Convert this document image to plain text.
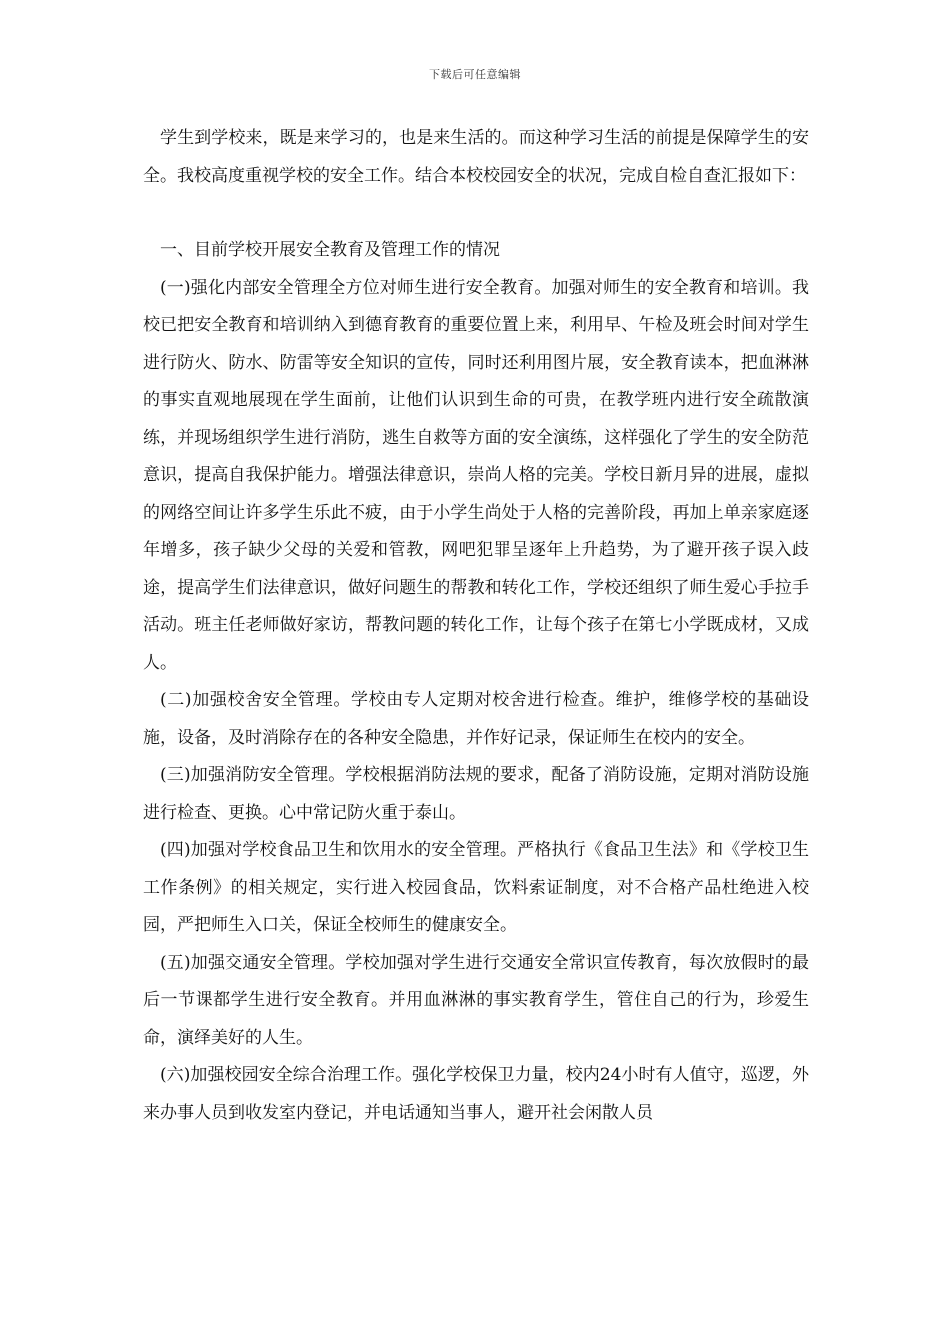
下载后可任意编辑

学生到学校来，既是来学习的，也是来生活的。而这种学习生活的前提是保障学生的安全。我校高度重视学校的安全工作。结合本校校园安全的状况，完成自检自查汇报如下：

一、目前学校开展安全教育及管理工作的情况

(一)强化内部安全管理全方位对师生进行安全教育。加强对师生的安全教育和培训。我校已把安全教育和培训纳入到德育教育的重要位置上来，利用早、午检及班会时间对学生进行防火、防水、防雷等安全知识的宣传，同时还利用图片展，安全教育读本，把血淋淋的事实直观地展现在学生面前，让他们认识到生命的可贵，在教学班内进行安全疏散演练，并现场组织学生进行消防，逃生自救等方面的安全演练，这样强化了学生的安全防范意识，提高自我保护能力。增强法律意识，崇尚人格的完美。学校日新月异的进展，虚拟的网络空间让许多学生乐此不疲，由于小学生尚处于人格的完善阶段，再加上单亲家庭逐年增多，孩子缺少父母的关爱和管教，网吧犯罪呈逐年上升趋势，为了避开孩子误入歧途，提高学生们法律意识，做好问题生的帮教和转化工作，学校还组织了师生爱心手拉手活动。班主任老师做好家访，帮教问题的转化工作，让每个孩子在第七小学既成材，又成人。

(二)加强校舍安全管理。学校由专人定期对校舍进行检查。维护，维修学校的基础设施，设备，及时消除存在的各种安全隐患，并作好记录，保证师生在校内的安全。

(三)加强消防安全管理。学校根据消防法规的要求，配备了消防设施，定期对消防设施进行检查、更换。心中常记防火重于泰山。

(四)加强对学校食品卫生和饮用水的安全管理。严格执行《食品卫生法》和《学校卫生工作条例》的相关规定，实行进入校园食品，饮料索证制度，对不合格产品杜绝进入校园，严把师生入口关，保证全校师生的健康安全。

(五)加强交通安全管理。学校加强对学生进行交通安全常识宣传教育，每次放假时的最后一节课都学生进行安全教育。并用血淋淋的事实教育学生，管住自己的行为，珍爱生命，演绎美好的人生。

(六)加强校园安全综合治理工作。强化学校保卫力量，校内24小时有人值守，巡逻，外来办事人员到收发室内登记，并电话通知当事人，避开社会闲散人员
